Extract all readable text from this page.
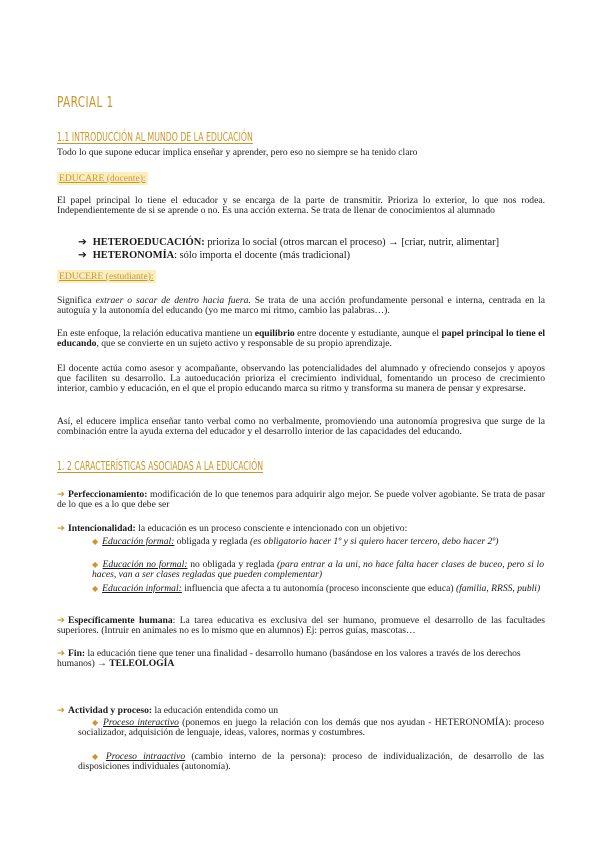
PARCIAL 1
1.1 INTRODUCCIÓN AL MUNDO DE LA EDUCACIÓN
Todo lo que supone educar implica enseñar y aprender, pero eso no siempre se ha tenido claro
EDUCARE (docente):
El papel principal lo tiene el educador y se encarga de la parte de transmitir. Prioriza lo exterior, lo que nos rodea. Independientemente de si se aprende o no. Es una acción externa. Se trata de llenar de conocimientos al alumnado
➔ HETEROEDUCACIÓN: prioriza lo social (otros marcan el proceso) → [criar, nutrir, alimentar]
➔ HETERONOMÍA: sólo importa el docente (más tradicional)
EDUCERE (estudiante):
Significa extraer o sacar de dentro hacia fuera. Se trata de una acción profundamente personal e interna, centrada en la autoguía y la autonomía del educando (yo me marco mi ritmo, cambio las palabras…).
En este enfoque, la relación educativa mantiene un equilibrio entre docente y estudiante, aunque el papel principal lo tiene el educando, que se convierte en un sujeto activo y responsable de su propio aprendizaje.
El docente actúa como asesor y acompañante, observando las potencialidades del alumnado y ofreciendo consejos y apoyos que faciliten su desarrollo. La autoeducación prioriza el crecimiento individual, fomentando un proceso de crecimiento interior, cambio y educación, en el que el propio educando marca su ritmo y transforma su manera de pensar y expresarse.
Así, el educere implica enseñar tanto verbal como no verbalmente, promoviendo una autonomía progresiva que surge de la combinación entre la ayuda externa del educador y el desarrollo interior de las capacidades del educando.
1. 2 CARACTERÍSTICAS ASOCIADAS A LA EDUCACIÓN
➔ Perfeccionamiento: modificación de lo que tenemos para adquirir algo mejor. Se puede volver agobiante. Se trata de pasar de lo que es a lo que debe ser
➔ Intencionalidad: la educación es un proceso consciente e intencionado con un objetivo:
◆ Educación formal: obligada y reglada (es obligatorio hacer 1º y si quiero hacer tercero, debo hacer 2º)
◆ Educación no formal: no obligada y reglada (para entrar a la uni, no hace falta hacer clases de buceo, pero si lo haces, van a ser clases regladas que pueden complementar)
◆ Educación informal: influencia que afecta a tu autonomía (proceso inconsciente que educa) (familia, RRSS, publi)
➔ Específicamente humana: La tarea educativa es exclusiva del ser humano, promueve el desarrollo de las facultades superiores. (Intruir en animales no es lo mismo que en alumnos) Ej: perros guías, mascotas…
➔ Fin: la educación tiene que tener una finalidad - desarrollo humano (basándose en los valores a través de los derechos humanos) → TELEOLOGÍA
➔ Actividad y proceso: la educación entendida como un
◆ Proceso interactivo (ponemos en juego la relación con los demás que nos ayudan - HETERONOMÍA): proceso socializador, adquisición de lenguaje, ideas, valores, normas y costumbres.
◆ Proceso intraactivo (cambio interno de la persona): proceso de individualización, de desarrollo de las disposiciones individuales (autonomía).
